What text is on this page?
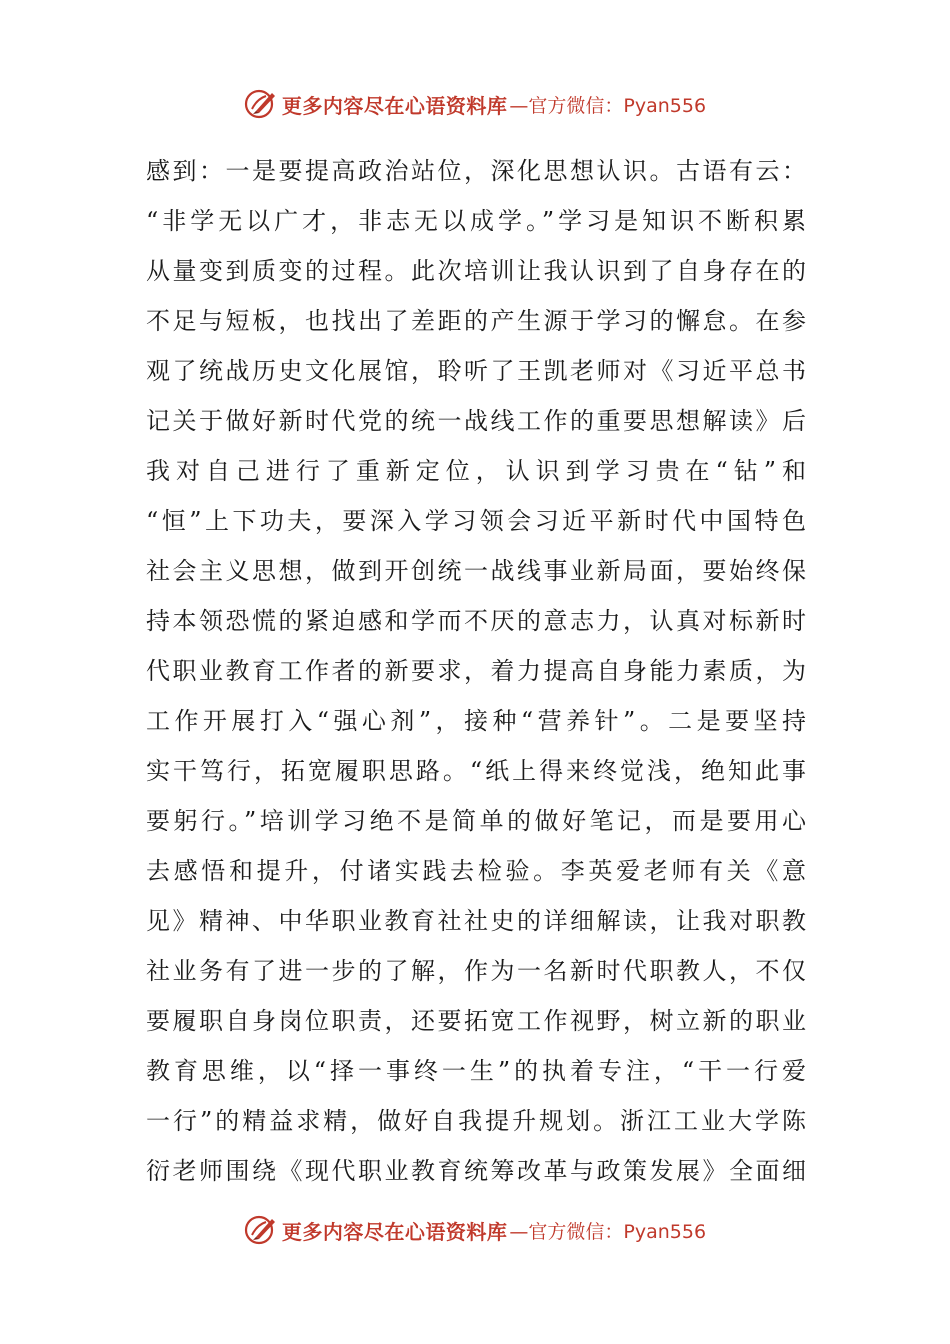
更多内容尽在心语资料库 —官方微信：Pyan556
感到：一是要提高政治站位，深化思想认识。古语有云：
“非学无以广才，非志无以成学。”学习是知识不断积累
从量变到质变的过程。此次培训让我认识到了自身存在的
不足与短板，也找出了差距的产生源于学习的懈怠。在参
观了统战历史文化展馆，聆听了王凯老师对《习近平总书
记关于做好新时代党的统一战线工作的重要思想解读》后
我对自己进行了重新定位，认识到学习贵在“钻”和
“恒”上下功夫，要深入学习领会习近平新时代中国特色
社会主义思想，做到开创统一战线事业新局面，要始终保
持本领恐慌的紧迫感和学而不厌的意志力，认真对标新时
代职业教育工作者的新要求，着力提高自身能力素质，为
工作开展打入“强心剂”，接种“营养针”。二是要坚持
实干笃行，拓宽履职思路。“纸上得来终觉浅，绝知此事
要躬行。”培训学习绝不是简单的做好笔记，而是要用心
去感悟和提升，付诸实践去检验。李英爱老师有关《意
见》精神、中华职业教育社社史的详细解读，让我对职教
社业务有了进一步的了解，作为一名新时代职教人，不仅
要履职自身岗位职责，还要拓宽工作视野，树立新的职业
教育思维，以“择一事终一生”的执着专注，“干一行爱
一行”的精益求精，做好自我提升规划。浙江工业大学陈
衍老师围绕《现代职业教育统筹改革与政策发展》全面细
更多内容尽在心语资料库 —官方微信：Pyan556
